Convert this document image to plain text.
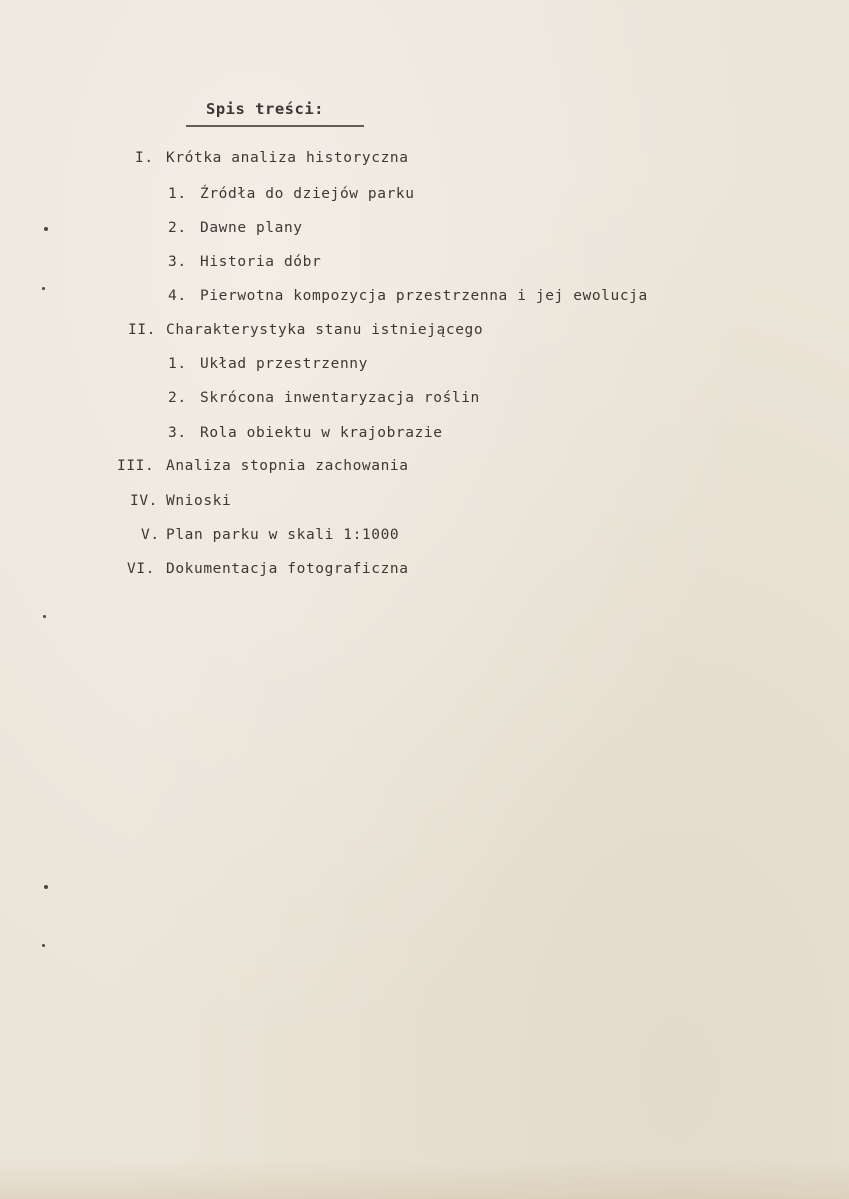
Spis treści:
I. Krótka analiza historyczna
1. Źródła do dziejów parku
2. Dawne plany
3. Historia dóbr
4. Pierwotna kompozycja przestrzenna i jej ewolucja
II. Charakterystyka stanu istniejącego
1. Układ przestrzenny
2. Skrócona inwentaryzacja roślin
3. Rola obiektu w krajobrazie
III. Analiza stopnia zachowania
IV. Wnioski
V. Plan parku w skali 1:1000
VI. Dokumentacja fotograficzna
